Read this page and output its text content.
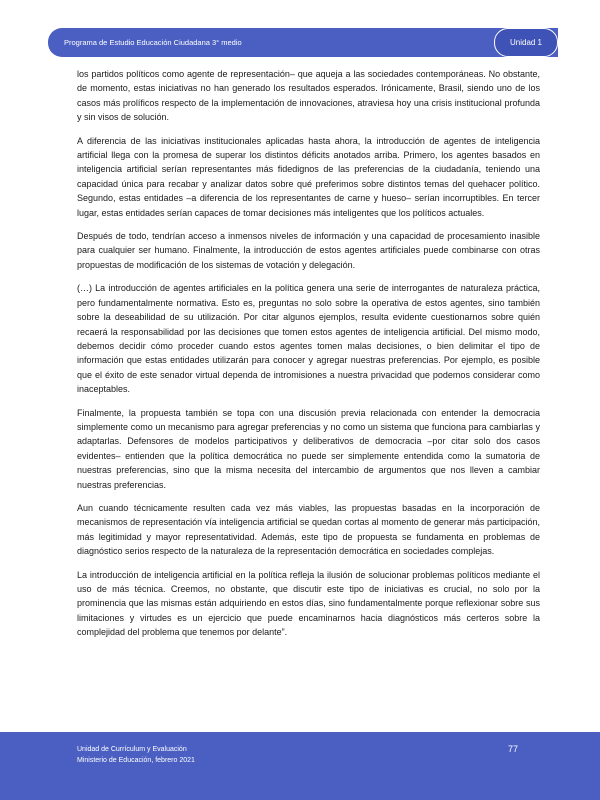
Programa de Estudio Educación Ciudadana 3° medio	Unidad 1

los partidos políticos como agente de representación– que aqueja a las sociedades contemporáneas. No obstante, de momento, estas iniciativas no han generado los resultados esperados. Irónicamente, Brasil, siendo uno de los casos más prolíficos respecto de la implementación de innovaciones, atraviesa hoy una crisis institucional profunda y sin visos de solución.

A diferencia de las iniciativas institucionales aplicadas hasta ahora, la introducción de agentes de inteligencia artificial llega con la promesa de superar los distintos déficits anotados arriba. Primero, los agentes basados en inteligencia artificial serían representantes más fidedignos de las preferencias de la ciudadanía, teniendo una capacidad única para recabar y analizar datos sobre qué preferimos sobre distintos temas del quehacer político. Segundo, estas entidades –a diferencia de los representantes de carne y hueso– serían incorruptibles. En tercer lugar, estas entidades serían capaces de tomar decisiones más inteligentes que los políticos actuales.

Después de todo, tendrían acceso a inmensos niveles de información y una capacidad de procesamiento inasible para cualquier ser humano. Finalmente, la introducción de estos agentes artificiales puede combinarse con otras propuestas de modificación de los sistemas de votación y delegación.

(…) La introducción de agentes artificiales en la política genera una serie de interrogantes de naturaleza práctica, pero fundamentalmente normativa. Esto es, preguntas no solo sobre la operativa de estos agentes, sino también sobre la deseabilidad de su utilización. Por citar algunos ejemplos, resulta evidente cuestionarnos sobre quién recaerá la responsabilidad por las decisiones que tomen estos agentes de inteligencia artificial. Del mismo modo, debemos decidir cómo proceder cuando estos agentes tomen malas decisiones, o bien delimitar el tipo de información que estas entidades utilizarán para conocer y agregar nuestras preferencias. Por ejemplo, es posible que el éxito de este senador virtual dependa de intromisiones a nuestra privacidad que podemos considerar como inaceptables.

Finalmente, la propuesta también se topa con una discusión previa relacionada con entender la democracia simplemente como un mecanismo para agregar preferencias y no como un sistema que funciona para cambiarlas y adaptarlas. Defensores de modelos participativos y deliberativos de democracia –por citar solo dos casos evidentes– entienden que la política democrática no puede ser simplemente entendida como la sumatoria de nuestras preferencias, sino que la misma necesita del intercambio de argumentos que nos lleven a cambiar nuestras preferencias.

Aun cuando técnicamente resulten cada vez más viables, las propuestas basadas en la incorporación de mecanismos de representación vía inteligencia artificial se quedan cortas al momento de generar más participación, más legitimidad y mayor representatividad. Además, este tipo de propuesta se fundamenta en problemas de diagnóstico serios respecto de la naturaleza de la representación democrática en sociedades complejas.

La introducción de inteligencia artificial en la política refleja la ilusión de solucionar problemas políticos mediante el uso de más técnica. Creemos, no obstante, que discutir este tipo de iniciativas es crucial, no solo por la prominencia que las mismas están adquiriendo en estos días, sino fundamentalmente porque reflexionar sobre sus limitaciones y virtudes es un ejercicio que puede encaminarnos hacia diagnósticos más certeros sobre la complejidad del problema que tenemos por delante”.

Unidad de Currículum y Evaluación
Ministerio de Educación, febrero 2021
77
